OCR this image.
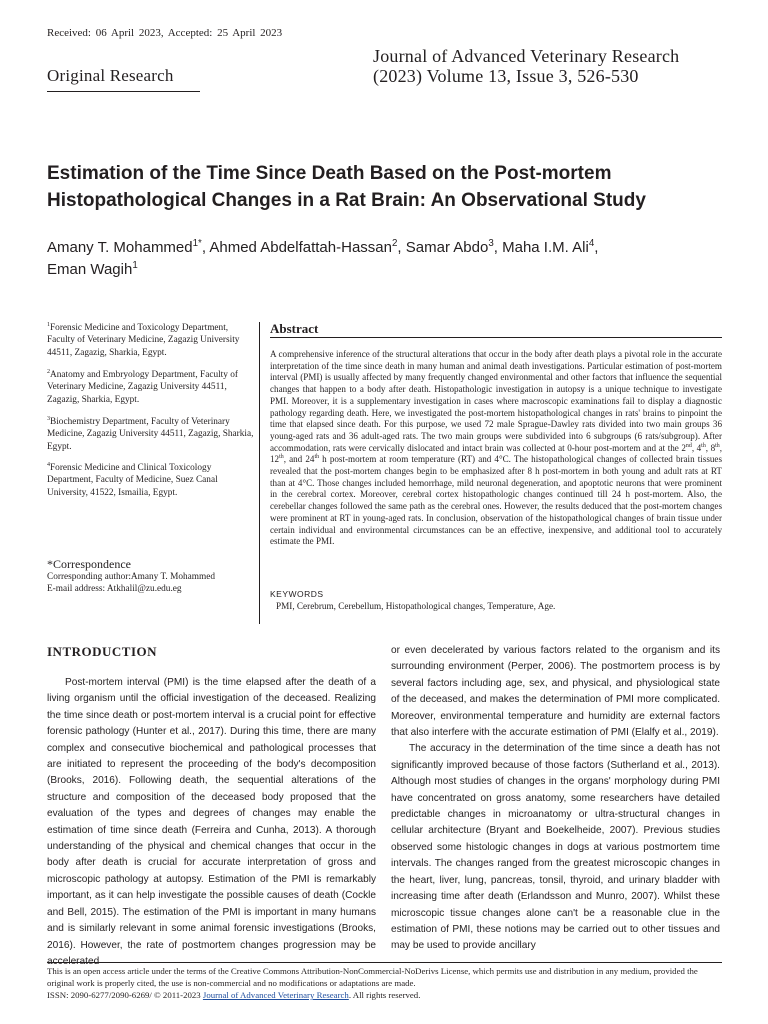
Received: 06 April 2023, Accepted: 25 April 2023
Original Research
Journal of Advanced Veterinary Research
(2023) Volume 13, Issue 3, 526-530
Estimation of the Time Since Death Based on the Post-mortem Histopathological Changes in a Rat Brain: An Observational Study
Amany T. Mohammed$^{1*}$, Ahmed Abdelfattah-Hassan$^2$, Samar Abdo$^3$, Maha I.M. Ali$^4$,
Eman Wagih$^1$
$^1$Forensic Medicine and Toxicology Department, Faculty of Veterinary Medicine, Zagazig University 44511, Zagazig, Sharkia, Egypt.
$^2$Anatomy and Embryology Department, Faculty of Veterinary Medicine, Zagazig University 44511, Zagazig, Sharkia, Egypt.
$^3$Biochemistry Department, Faculty of Veterinary Medicine, Zagazig University 44511, Zagazig, Sharkia, Egypt.
$^4$Forensic Medicine and Clinical Toxicology Department, Faculty of Medicine, Suez Canal University, 41522, Ismailia, Egypt.
*Correspondence
Corresponding author:Amany T. Mohammed
E-mail address: Atkhalil@zu.edu.eg
Abstract
A comprehensive inference of the structural alterations that occur in the body after death plays a pivotal role in the accurate interpretation of the time since death in many human and animal death investigations. Particular estimation of post-mortem interval (PMI) is usually affected by many frequently changed environmental and other factors that influence the sequential changes that happen to a body after death. Histopathologic investigation in autopsy is a unique technique to investigate PMI. Moreover, it is a supplementary investigation in cases where macroscopic examinations fail to display a diagnostic pathology regarding death. Here, we investigated the post-mortem histopathological changes in rats' brains to pinpoint the time that elapsed since death. For this purpose, we used 72 male Sprague-Dawley rats divided into two main groups 36 young-aged rats and 36 adult-aged rats. The two main groups were subdivided into 6 subgroups (6 rats/subgroup). After accommodation, rats were cervically dislocated and intact brain was collected at 0-hour post-mortem and at the 2nd, 4th, 8th, 12th, and 24th h post-mortem at room temperature (RT) and 4°C. The histopathological changes of collected brain tissues revealed that the post-mortem changes begin to be emphasized after 8 h post-mortem in both young and adult rats at RT than at 4°C. Those changes included hemorrhage, mild neuronal degeneration, and apoptotic neurons that were prominent in the cerebral cortex. Moreover, cerebral cortex histopathologic changes continued till 24 h post-mortem. Also, the cerebellar changes followed the same path as the cerebral ones. However, the results deduced that the post-mortem changes were prominent at RT in young-aged rats. In conclusion, observation of the histopathological changes of brain tissue under certain individual and environmental circumstances can be an effective, inexpensive, and additional tool to accurately estimate the PMI.
KEYWORDS
PMI, Cerebrum, Cerebellum, Histopathological changes, Temperature, Age.
INTRODUCTION

Post-mortem interval (PMI) is the time elapsed after the death of a living organism until the official investigation of the deceased. Realizing the time since death or post-mortem interval is a crucial point for effective forensic pathology (Hunter et al., 2017). During this time, there are many complex and consecutive biochemical and pathological processes that are initiated to represent the proceeding of the body's decomposition (Brooks, 2016). Following death, the sequential alterations of the structure and composition of the deceased body proposed that the evaluation of the types and degrees of changes may enable the estimation of time since death (Ferreira and Cunha, 2013). A thorough understanding of the physical and chemical changes that occur in the body after death is crucial for accurate interpretation of gross and microscopic pathology at autopsy. Estimation of the PMI is remarkably important, as it can help investigate the possible causes of death (Cockle and Bell, 2015). The estimation of the PMI is important in many humans and is similarly relevant in some animal forensic investigations (Brooks, 2016). However, the rate of postmortem changes progression may be

or even decelerated by various factors related to the organism and its surrounding environment (Perper, 2006). The postmortem process is by several factors including age, sex, and physical, and physiological state of the deceased, and makes the determination of PMI more complicated. Moreover, environmental temperature and humidity are external factors that also interfere with the accurate estimation of PMI (Elalfy et al., 2019).

The accuracy in the determination of the time since a death has not significantly improved because of those factors (Sutherland et al., 2013). Although most studies of changes in the organs' morphology during PMI have concentrated on gross anatomy, some researchers have detailed predictable changes in microanatomy or ultra-structural changes in cellular architecture (Bryant and Boekelheide, 2007). Previous studies observed some histologic changes in dogs at various postmortem time intervals. The changes ranged from the greatest microscopic changes in the heart, liver, lung, pancreas, tonsil, thyroid, and urinary bladder with increasing time after death (Erlandsson and Munro, 2007). Whilst these microscopic tissue changes alone can't be a reasonable clue in the estimation of PMI, these notions may be carried out to other tissues and may be used to provide ancillary

This is an open access article under the terms of the Creative Commons Attribution-NonCommercial-NoDerivs License, which permits use and distribution in any medium, provided the original work is properly cited, the use is non-commercial and no modifications or adaptations are made.
ISSN: 2090-6277/2090-6269/ © 2011-2023 Journal of Advanced Veterinary Research. All rights reserved.
